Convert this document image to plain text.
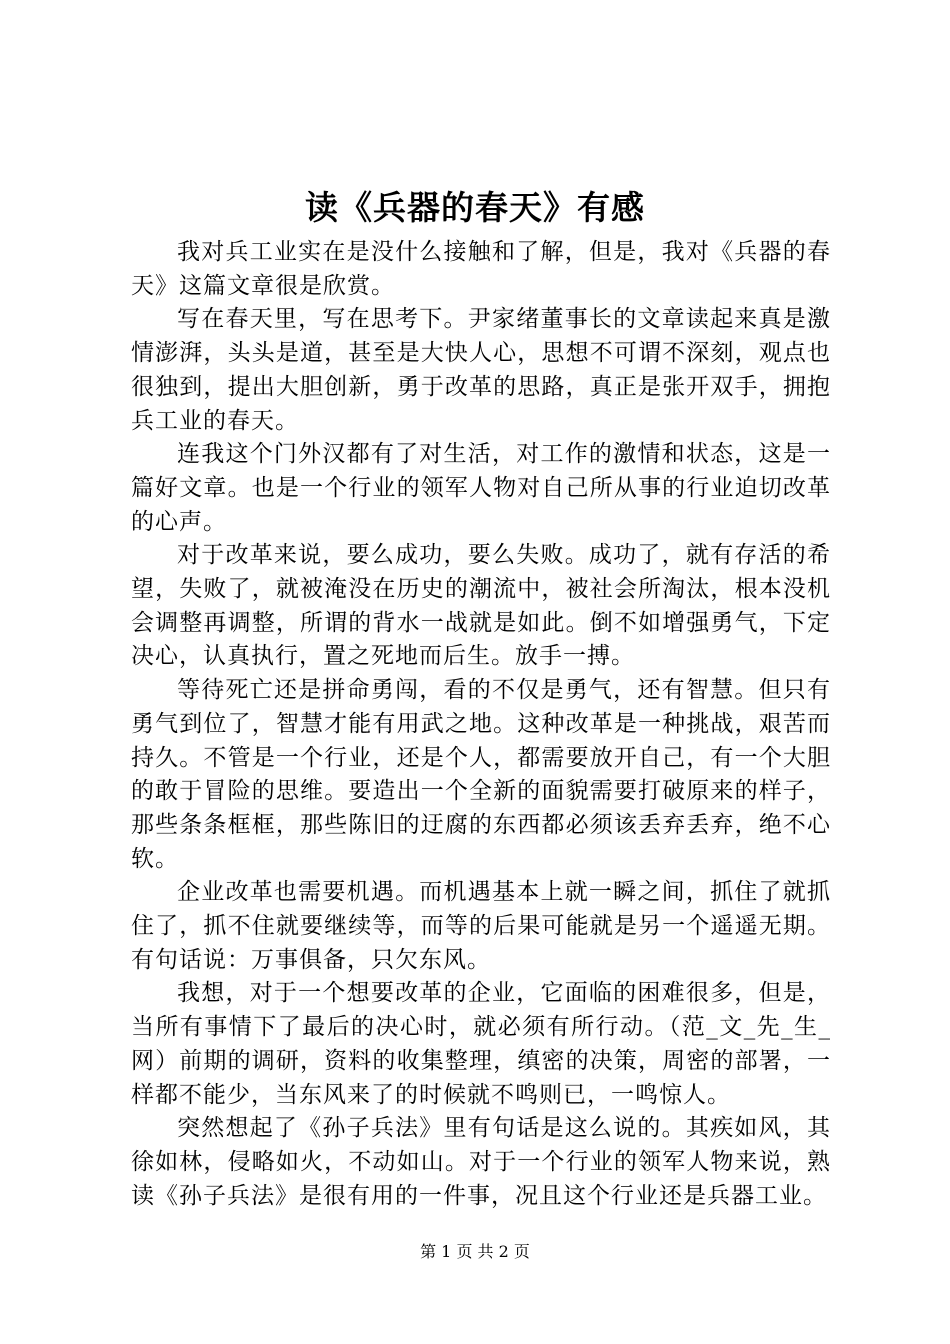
读《兵器的春天》有感

我对兵工业实在是没什么接触和了解，但是，我对《兵器的春天》这篇文章很是欣赏。

写在春天里，写在思考下。尹家绪董事长的文章读起来真是激情澎湃，头头是道，甚至是大快人心，思想不可谓不深刻，观点也很独到，提出大胆创新，勇于改革的思路，真正是张开双手，拥抱兵工业的春天。

连我这个门外汉都有了对生活，对工作的激情和状态，这是一篇好文章。也是一个行业的领军人物对自己所从事的行业迫切改革的心声。

对于改革来说，要么成功，要么失败。成功了，就有存活的希望，失败了，就被淹没在历史的潮流中，被社会所淘汰，根本没机会调整再调整，所谓的背水一战就是如此。倒不如增强勇气，下定决心，认真执行，置之死地而后生。放手一搏。

等待死亡还是拼命勇闯，看的不仅是勇气，还有智慧。但只有勇气到位了，智慧才能有用武之地。这种改革是一种挑战，艰苦而持久。不管是一个行业，还是个人，都需要放开自己，有一个大胆的敢于冒险的思维。要造出一个全新的面貌需要打破原来的样子，那些条条框框，那些陈旧的迂腐的东西都必须该丢弃丢弃，绝不心软。

企业改革也需要机遇。而机遇基本上就一瞬之间，抓住了就抓住了，抓不住就要继续等，而等的后果可能就是另一个遥遥无期。有句话说：万事俱备，只欠东风。

我想，对于一个想要改革的企业，它面临的困难很多，但是，当所有事情下了最后的决心时，就必须有所行动。（范_文_先_生_网）前期的调研，资料的收集整理，缜密的决策，周密的部署，一样都不能少，当东风来了的时候就不鸣则已，一鸣惊人。

突然想起了《孙子兵法》里有句话是这么说的。其疾如风，其徐如林，侵略如火，不动如山。对于一个行业的领军人物来说，熟读《孙子兵法》是很有用的一件事，况且这个行业还是兵器工业。

第 1 页 共 2 页
